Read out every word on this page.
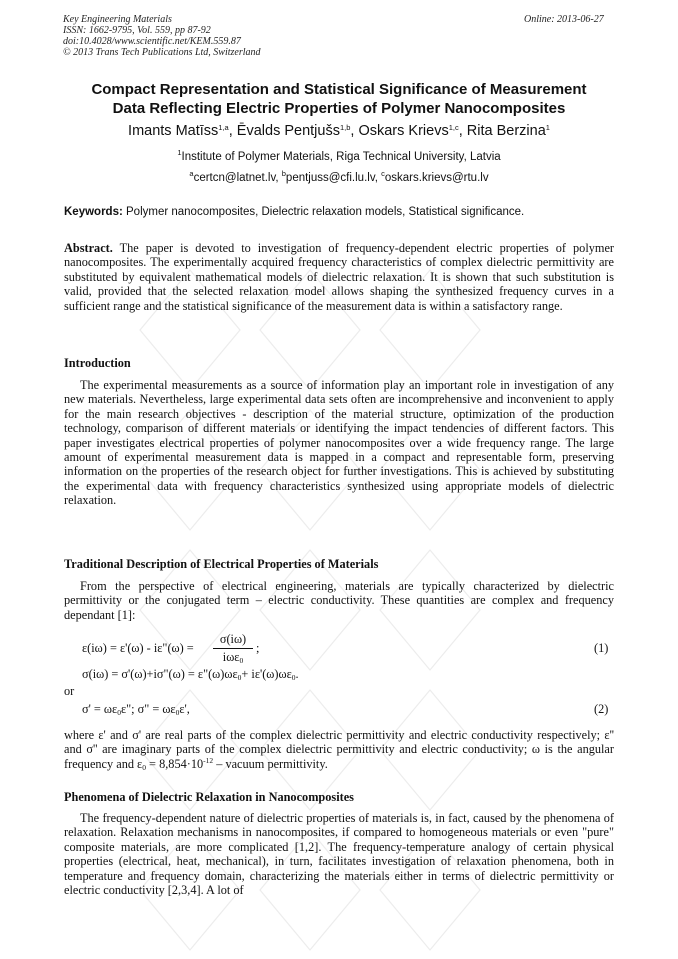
Key Engineering Materials
ISSN: 1662-9795, Vol. 559, pp 87-92
doi:10.4028/www.scientific.net/KEM.559.87
© 2013 Trans Tech Publications Ltd, Switzerland
Online: 2013-06-27
Compact Representation and Statistical Significance of Measurement
Data Reflecting Electric Properties of Polymer Nanocomposites
Imants Matīss$^{1,a}$, Ēvalds Pentjušs$^{1,b}$, Oskars Krievs$^{1,c}$, Rita Berzina$^1$
$^1$Institute of Polymer Materials, Riga Technical University, Latvia
$^a$certcn@latnet.lv, $^b$pentjuss@cfi.lu.lv, $^c$oskars.krievs@rtu.lv
Keywords: Polymer nanocomposites, Dielectric relaxation models, Statistical significance.
Abstract. The paper is devoted to investigation of frequency-dependent electric properties of polymer nanocomposites. The experimentally acquired frequency characteristics of complex dielectric permittivity are substituted by equivalent mathematical models of dielectric relaxation. It is shown that such substitution is valid, provided that the selected relaxation model allows shaping the synthesized frequency curves in a sufficient range and the statistical significance of the measurement data is within a satisfactory range.
Introduction
The experimental measurements as a source of information play an important role in investigation of any new materials. Nevertheless, large experimental data sets often are incomprehensive and inconvenient to apply for the main research objectives - description of the material structure, optimization of the production technology, comparison of different materials or identifying the impact tendencies of different factors. This paper investigates electrical properties of polymer nanocomposites over a wide frequency range. The large amount of experimental measurement data is mapped in a compact and representable form, preserving information on the properties of the research object for further investigations. This is achieved by substituting the experimental data with frequency characteristics synthesized using appropriate models of dielectric relaxation.
Traditional Description of Electrical Properties of Materials
From the perspective of electrical engineering, materials are typically characterized by dielectric permittivity or the conjugated term – electric conductivity. These quantities are complex and frequency dependant [1]:
ε(iω) = ε'(ω) - iε"(ω) =
σ(iω)
iωε$_0$
;	(1)
σ(iω) = σ'(ω)+iσ"(ω) = $\varepsilon"(\omega)\omega\varepsilon_0+ i\varepsilon'(\omega)\omega\varepsilon_0$.
or
$\sigma' = \omega\varepsilon_0\varepsilon$"; σ" = $\omega\varepsilon_0\varepsilon'$,	(2)
where ε' and σ' are real parts of the complex dielectric permittivity and electric conductivity respectively; ε'' and σ'' are imaginary parts of the complex dielectric permittivity and electric conductivity; ω is the angular frequency and $\varepsilon_0 = 8,854\cdot 10^{-12}$ – vacuum permittivity.
Phenomena of Dielectric Relaxation in Nanocomposites
The frequency-dependent nature of dielectric properties of materials is, in fact, caused by the phenomena of relaxation. Relaxation mechanisms in nanocomposites, if compared to homogeneous materials or even "pure" composite materials, are more complicated [1,2]. The frequency-temperature analogy of certain physical properties (electrical, heat, mechanical), in turn, facilitates investigation of relaxation phenomena, both in temperature and frequency domain, characterizing the materials either in terms of dielectric permittivity or electric conductivity [2,3,4]. A lot of
